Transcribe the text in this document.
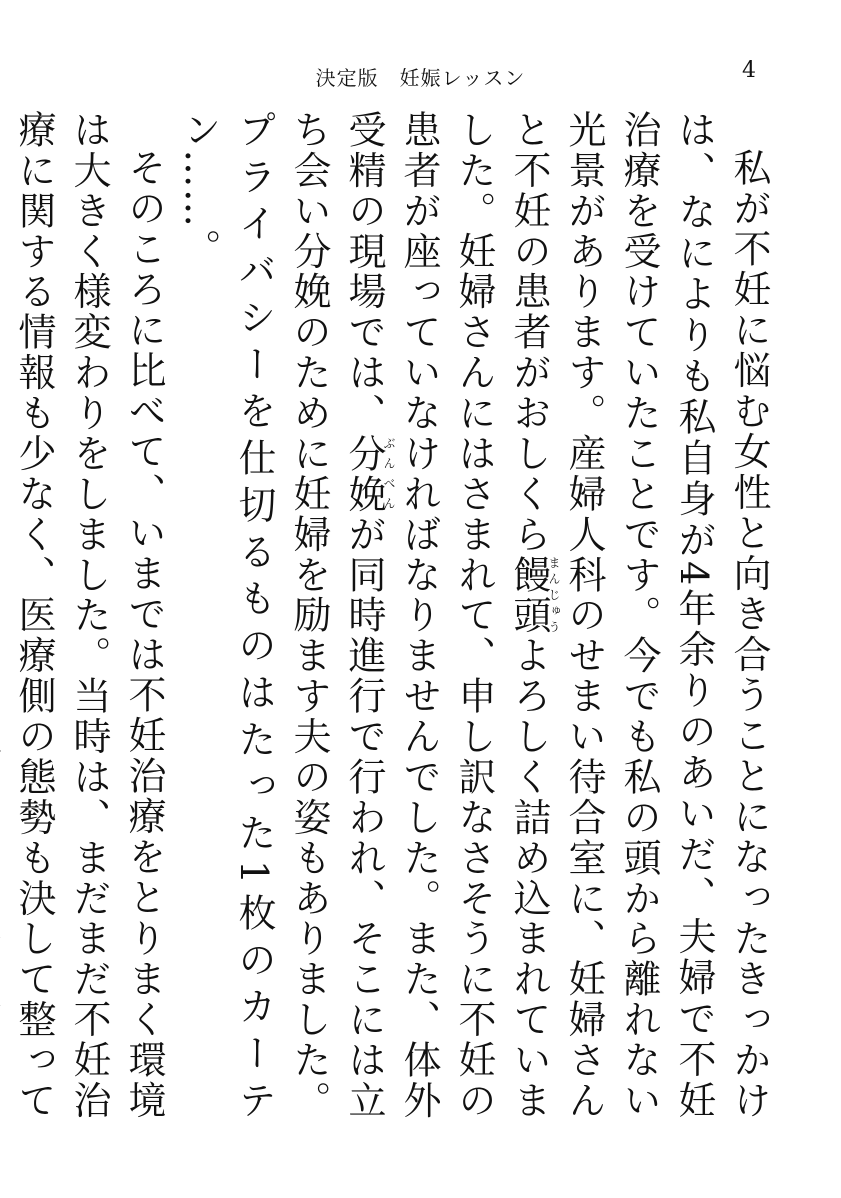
決定版　妊娠レッスン	4

私が不妊に悩む女性と向き合うことになったきっかけは、なによりも私自身が4年余りのあいだ、夫婦で不妊治療を受けていたことです。今でも私の頭から離れない光景があります。産婦人科のせまい待合室に、妊婦さんと不妊の患者がおしくら饅頭まんじゅうよろしく詰め込まれていました。妊婦さんにはさまれて、申し訳なさそうに不妊の患者が座っていなければなりませんでした。また、体外受精の現場では、分娩ぶんべんが同時進行で行われ、そこには立ち会い分娩のために妊婦を励ます夫の姿もありました。プライバシーを仕切るものはたった1枚のカーテン……。

そのころに比べて、いまでは不妊治療をとりまく環境は大きく様変わりをしました。当時は、まだまだ不妊治療に関する情報も少なく、医療側の態勢も決して整って
